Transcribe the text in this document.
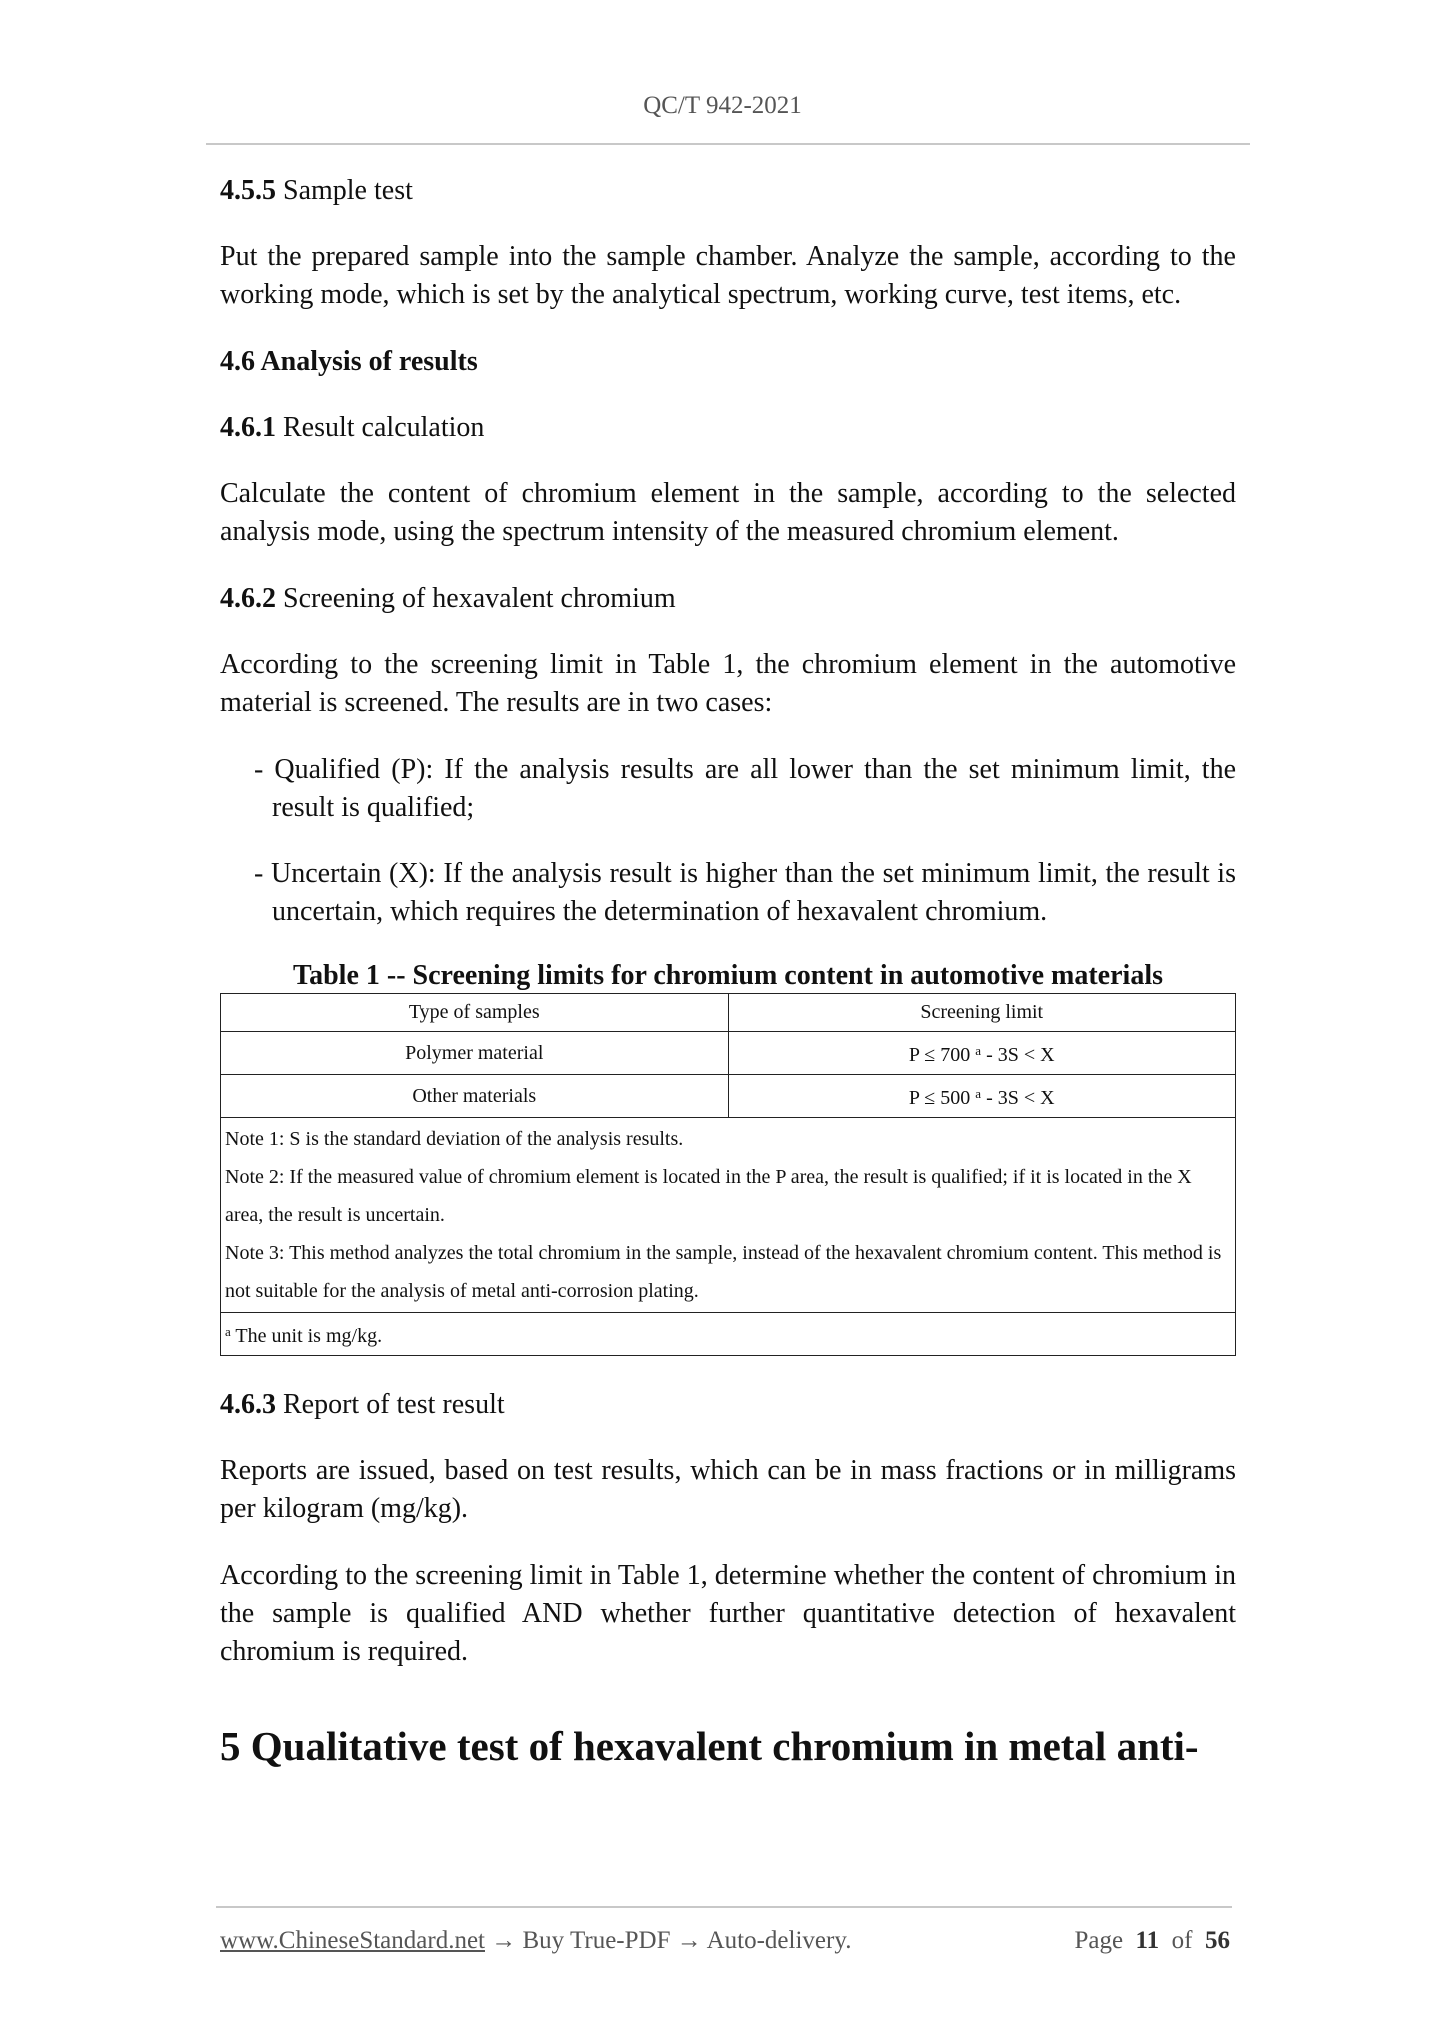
QC/T 942-2021
4.5.5 Sample test

Put the prepared sample into the sample chamber. Analyze the sample, according to the working mode, which is set by the analytical spectrum, working curve, test items, etc.

4.6 Analysis of results
4.6.1 Result calculation

Calculate the content of chromium element in the sample, according to the selected analysis mode, using the spectrum intensity of the measured chromium element.

4.6.2 Screening of hexavalent chromium

According to the screening limit in Table 1, the chromium element in the automotive material is screened. The results are in two cases:

- Qualified (P): If the analysis results are all lower than the set minimum limit, the result is qualified;

- Uncertain (X): If the analysis result is higher than the set minimum limit, the result is uncertain, which requires the determination of hexavalent chromium.

Table 1 -- Screening limits for chromium content in automotive materials
Type of samples	Screening limit
Polymer material	P ≤ 700 $^a$ - 3S < X
Other materials	P ≤ 500 $^a$ - 3S < X

Note 1: S is the standard deviation of the analysis results.
Note 2: If the measured value of chromium element is located in the P area, the result is qualified; if it is located in the X area, the result is uncertain.
Note 3: This method analyzes the total chromium in the sample, instead of the hexavalent chromium content. This method is not suitable for the analysis of metal anti-corrosion plating.	

$^a$ The unit is mg/kg.	
4.6.3 Report of test result

Reports are issued, based on test results, which can be in mass fractions or in milligrams per kilogram (mg/kg).

According to the screening limit in Table 1, determine whether the content of chromium in the sample is qualified AND whether further quantitative detection of hexavalent chromium is required.

5 Qualitative test of hexavalent chromium in metal anti-
www.ChineseStandard.net → Buy True-PDF → Auto-delivery.	Page 11 of 56
